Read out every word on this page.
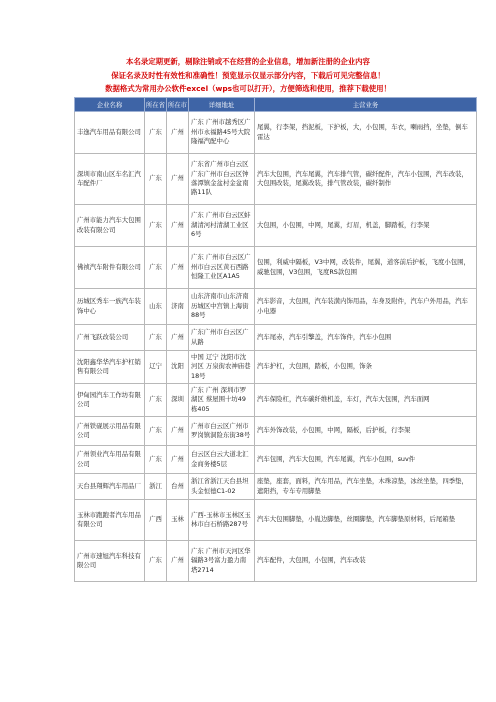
本名录定期更新，剔除注销或不在经营的企业信息，增加新注册的企业内容
保证名录及时性有效性和准确性！预览显示仅显示部分内容，下载后可见完整信息！
数据格式为常用办公软件excel（wps也可以打开），方便筛选和使用，推荐下载使用！
企业名称	所在省	所在市	详细地址	主营业务
丰逸汽车用品有限公司	广东	广州	广东 广州市越秀区广州市永福路45号大院隆福汽配中心	尾翼，行李架，挡泥板，下护板，大，小包围，车衣，喇雨挡，坐垫，倒车雷达
深圳市南山区车名汇汽车配件厂	广东	广州	广东省广州市白云区广东广州市白云区钟落潭镇金盆村金盆南路11队	汽车大包围，汽车尾翼，汽车排气管，碳纤配件，汽车小包围，汽车改装，大包围改装，尾翼改装，排气管改装，碳纤制作
广州市能力汽车大包围改装有限公司	广东	广州	广东 广州市白云区蚌湖清河村清湖工业区6号	大包围，小包围，中网，尾翼，灯眉，机盖，脚踏板，行李架
佛祯汽车附件有限公司	广东	广州	广东 广州市白云区广州市白云区黄石西路恒隆工业区A1A5	包围，利威中隔板，V3中网，改装件，尾翼，道客前后护板，飞度小包围，威驰包围，V3包围，飞度RS款包围
历城区秀车一族汽车装饰中心	山东	济南	山东济南市山东济南历城区中宫镇上海街88号	汽车影音，大包围，汽车装潢内饰用品，车身及附件，汽车户外用品，汽车小电器
广州飞跃改装公司	广东	广州	广东广州市白云区广从路	汽车尾赤，汽车引擎盖，汽车饰件，汽车小包围
沈阳鑫华华汽车护杠销售有限公司	辽宁	沈阳	中国 辽宁 沈阳市沈河区 万泉街农神庙巷18号	汽车护杠，大包围，踏板，小包围，饰条
伊甸园汽车工作坊有限公司	广东	深圳	广东 广州 深圳市罗湖区 蔡屋围十坊49栋405	汽车保险杠，汽车碳纤维机盖，车灯，汽车大包围，汽车面网
广州铁砚展示用品有限公司	广东	广州	广州市白云区广州市罗岗镇洞险东街38号	汽车外饰改装，小包围，中网，隔板，后护板，行李架
广州领业汽车用品有限公司	广东	广州	白云区白云大道北汇金商务楼5层	汽车包围，汽车大包围，汽车尾翼，汽车小包围，suv件
天台县翔辉汽车用品厂	浙江	台州	浙江省浙江天台县坦头金恒德C1-02	座垫，座套，面料，汽车用品，汽车坐垫，木珠凉垫，冰丝坐垫，四季垫，遮阳挡，专车专用脚垫
玉林市跑跑者汽车用品有限公司	广西	玉林	广西-玉林市玉林区玉林市白石桥路287号	汽车大包围脚垫，小胤边脚垫，丝圈脚垫，汽车脚垫原材料，后尾箱垫
广州市速旭汽车科技有限公司	广东	广州	广东 广州市天河区华辐路3号富力盈力南塔2714	汽车配件，大包围，小包围，汽车改装
